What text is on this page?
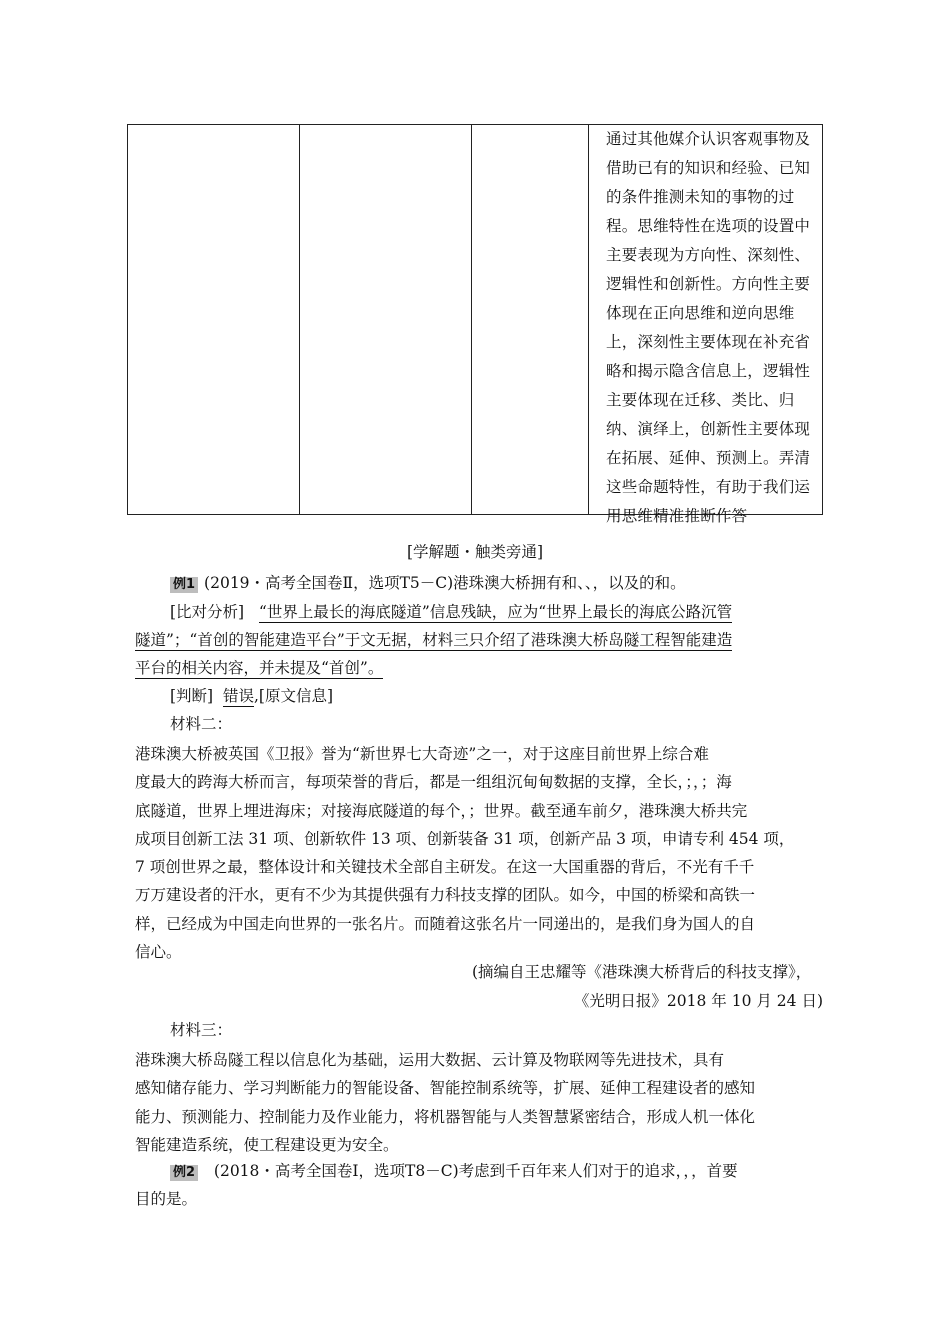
通过其他媒介认识客观事物及
借助已有的知识和经验、已知
的条件推测未知的事物的过
程。思维特性在选项的设置中
主要表现为方向性、深刻性、
逻辑性和创新性。方向性主要
体现在正向思维和逆向思维
上，深刻性主要体现在补充省
略和揭示隐含信息上，逻辑性
主要体现在迁移、类比、归
纳、演绎上，创新性主要体现
在拓展、延伸、预测上。弄清
这些命题特性，有助于我们运
用思维精准推断作答
[学解题・触类旁通]
例1 (2019・高考全国卷Ⅱ，选项T5－C)港珠澳大桥拥有和、、，以及的和。
[比对分析] “世界上最长的海底隧道”信息残缺，应为“世界上最长的海底公路沉管
隧道”；“首创的智能建造平台”于文无据，材料三只介绍了港珠澳大桥岛隧工程智能建造
平台的相关内容，并未提及“首创”。
[判断] 错误,[原文信息]
材料二：
港珠澳大桥被英国《卫报》誉为“新世界七大奇迹”之一，对于这座目前世界上综合难
度最大的跨海大桥而言，每项荣誉的背后，都是一组组沉甸甸数据的支撑，全长，；，；海
底隧道，世界上埋进海床；对接海底隧道的每个，；世界。截至通车前夕，港珠澳大桥共完
成项目创新工法 31 项、创新软件 13 项、创新装备 31 项，创新产品 3 项，申请专利 454 项，
7 项创世界之最，整体设计和关键技术全部自主研发。在这一大国重器的背后，不光有千千
万万建设者的汗水，更有不少为其提供强有力科技支撑的团队。如今，中国的桥梁和高铁一
样，已经成为中国走向世界的一张名片。而随着这张名片一同递出的，是我们身为国人的自
信心。
(摘编自王忠耀等《港珠澳大桥背后的科技支撑》，
《光明日报》2018 年 10 月 24 日)
材料三：
港珠澳大桥岛隧工程以信息化为基础，运用大数据、云计算及物联网等先进技术，具有
感知储存能力、学习判断能力的智能设备、智能控制系统等，扩展、延伸工程建设者的感知
能力、预测能力、控制能力及作业能力，将机器智能与人类智慧紧密结合，形成人机一体化
智能建造系统，使工程建设更为安全。
例2 (2018・高考全国卷Ⅰ，选项T8－C)考虑到千百年来人们对于的追求，，，首要
目的是。
